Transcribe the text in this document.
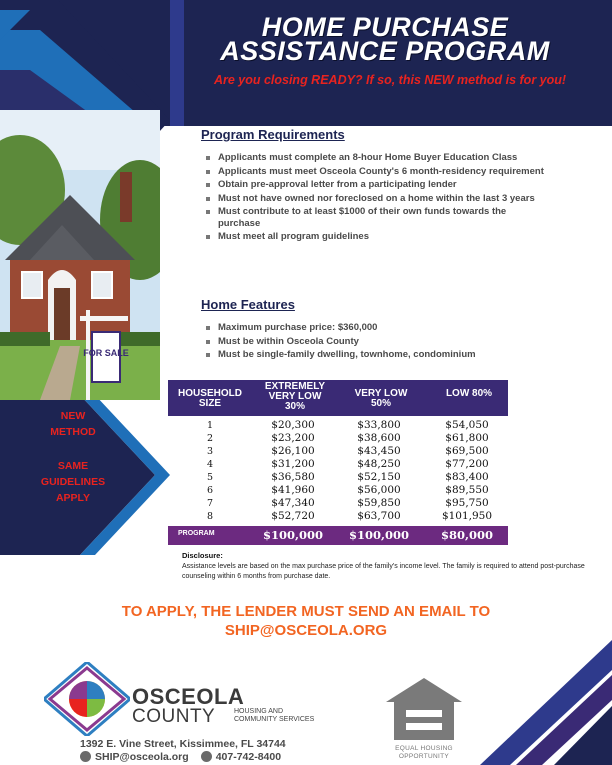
HOME PURCHASE
ASSISTANCE PROGRAM
Are you closing READY? If so, this NEW method is for you!
FOR SALE
NEW
METHOD
SAME
GUIDELINES
APPLY
Program Requirements
Applicants must complete an 8-hour Home Buyer Education Class
Applicants must meet Osceola County's 6 month-residency requirement
Obtain pre-approval letter from a participating lender
Must not have owned nor foreclosed on a home within the last 3 years
Must contribute to at least $1000 of their own funds towards the purchase
Must meet all program guidelines
Home Features
Maximum purchase price: $360,000
Must be within Osceola County
Must be single-family dwelling, townhome, condominium
HOUSEHOLD SIZE
EXTREMELY VERY LOW 30%
VERY LOW 50%
LOW 80%
1	$20,300	$33,800	$54,050
2	$23,200	$38,600	$61,800
3	$26,100	$43,450	$69,500
4	$31,200	$48,250	$77,200
5	$36,580	$52,150	$83,400
6	$41,960	$56,000	$89,550
7	$47,340	$59,850	$95,750
8	$52,720	$63,700	$101,950
PROGRAM	$100,000	$100,000	$80,000
Disclosure:
Assistance levels are based on the max purchase price of the family's income level. The family is required to attend post-purchase counseling within 6 months from purchase date.
TO APPLY, THE LENDER MUST SEND AN EMAIL TO
SHIP@OSCEOLA.ORG
OSCEOLA
COUNTY	HOUSING AND
COMMUNITY SERVICES
1392 E. Vine Street, Kissimmee, FL 34744
SHIP@osceola.org	407-742-8400
EQUAL HOUSING
OPPORTUNITY
